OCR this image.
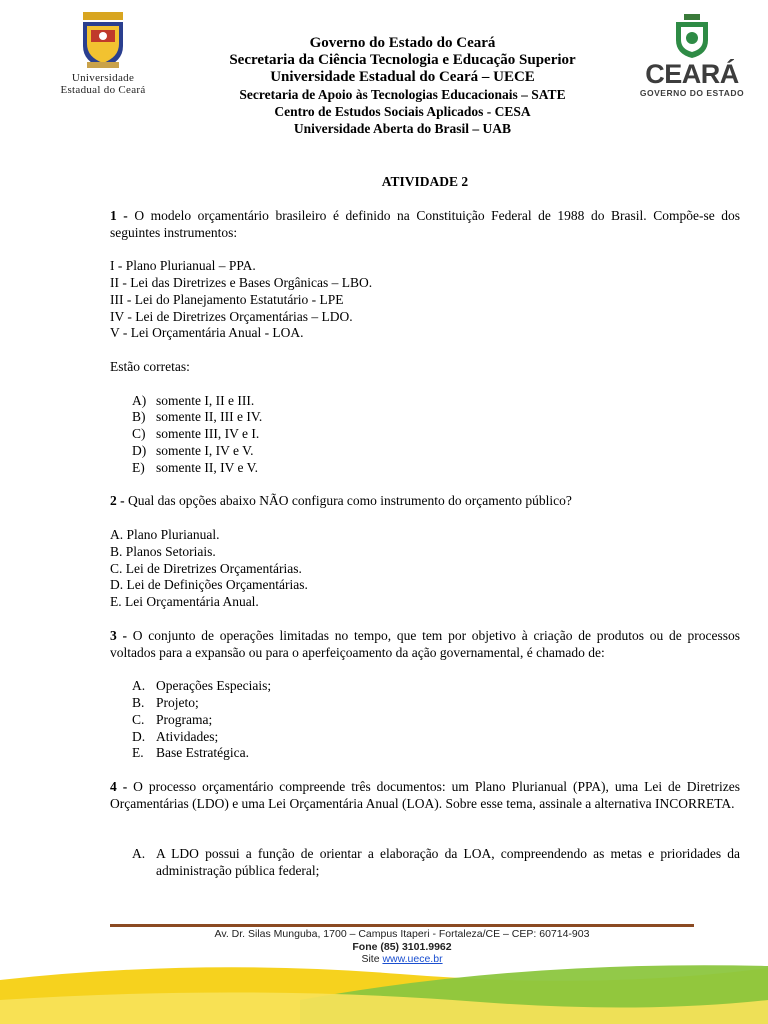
Universidade
Estadual do Ceará
CEARÁ
GOVERNO DO ESTADO
Governo do Estado do Ceará
Secretaria da Ciência Tecnologia e Educação Superior
Universidade Estadual do Ceará – UECE
Secretaria de Apoio às Tecnologias Educacionais – SATE
Centro de Estudos Sociais Aplicados - CESA
Universidade Aberta do Brasil – UAB
ATIVIDADE 2

1 - O modelo orçamentário brasileiro é definido na Constituição Federal de 1988 do Brasil. Compõe-se dos seguintes instrumentos:

I - Plano Plurianual – PPA.
II - Lei das Diretrizes e Bases Orgânicas – LBO.
III - Lei do Planejamento Estatutário - LPE
IV - Lei de Diretrizes Orçamentárias – LDO.
V - Lei Orçamentária Anual - LOA.
Estão corretas:
A) somente I, II e III.
B) somente II, III e IV.
C) somente III, IV e I.
D) somente I, IV e V.
E) somente II, IV e V.

2 - Qual das opções abaixo NÃO configura como instrumento do orçamento público?

A. Plano Plurianual.
B. Planos Setoriais.
C. Lei de Diretrizes Orçamentárias.
D. Lei de Definições Orçamentárias.
E. Lei Orçamentária Anual.

3 - O conjunto de operações limitadas no tempo, que tem por objetivo à criação de produtos ou de processos voltados para a expansão ou para o aperfeiçoamento da ação governamental, é chamado de:

A. Operações Especiais;
B. Projeto;
C. Programa;
D. Atividades;
E. Base Estratégica.

4 - O processo orçamentário compreende três documentos: um Plano Plurianual (PPA), uma Lei de Diretrizes Orçamentárias (LDO) e uma Lei Orçamentária Anual (LOA). Sobre esse tema, assinale a alternativa INCORRETA.

A. A LDO possui a função de orientar a elaboração da LOA, compreendendo as metas e prioridades da administração pública federal;
Av. Dr. Silas Munguba, 1700 – Campus Itaperi - Fortaleza/CE – CEP: 60714-903
Fone (85) 3101.9962
Site www.uece.br
